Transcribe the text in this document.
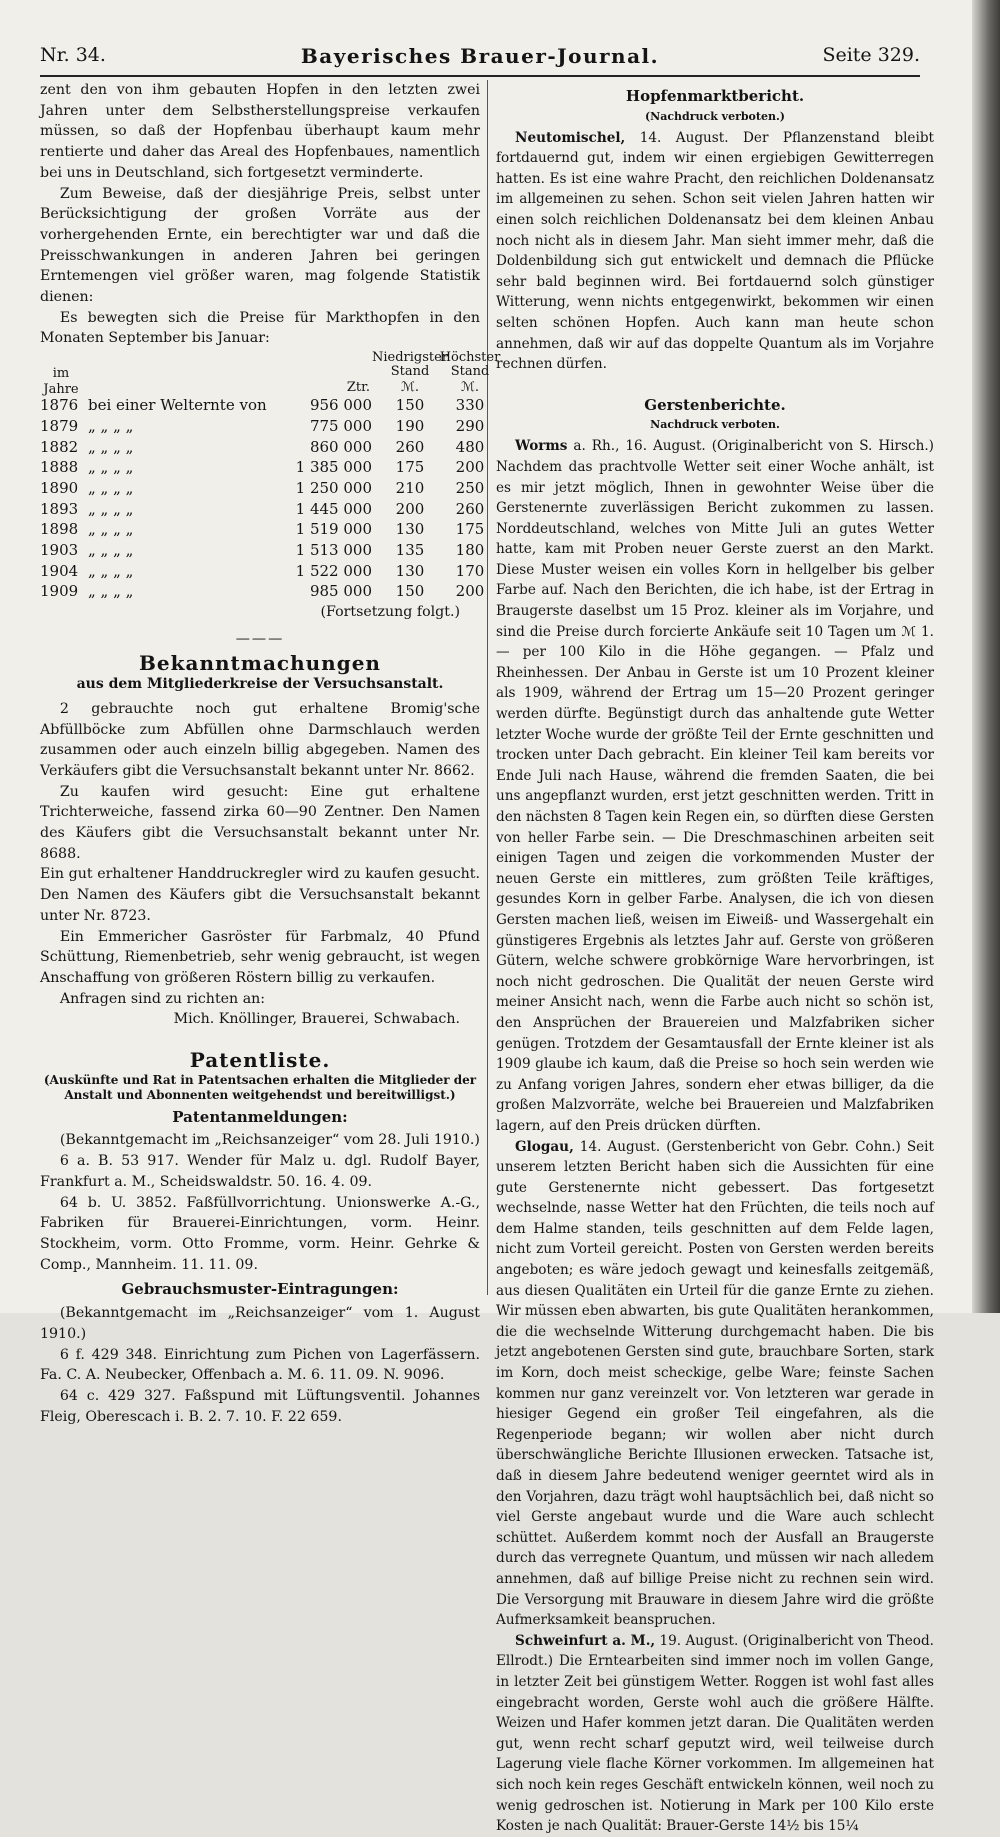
Bayerisches Brauer-Journal.
Nr. 34.	Seite 329.

zent den von ihm gebauten Hopfen in den letzten zwei Jahren unter dem Selbstherstellungspreise verkaufen müssen, so daß der Hopfenbau überhaupt kaum mehr rentierte und daher das Areal des Hopfenbaues, namentlich bei uns in Deutschland, sich fortgesetzt verminderte.

Zum Beweise, daß der diesjährige Preis, selbst unter Berücksichtigung der großen Vorräte aus der vorhergehenden Ernte, ein berechtigter war und daß die Preisschwankungen in anderen Jahren bei geringen Erntemengen viel größer waren, mag folgende Statistik dienen:

Es bewegten sich die Preise für Markthopfen in den Monaten September bis Januar:

im
Jahre	Ztr.
Niedrigster Stand
ℳ.
Höchster Stand
ℳ.
1876 bei einer Welternte von	956 000	150	330
1879 „ „ „ „	775 000	190	290
1882 „ „ „ „	860 000	260	480
1888 „ „ „ „	1 385 000	175	200
1890 „ „ „ „	1 250 000	210	250
1893 „ „ „ „	1 445 000	200	260
1898 „ „ „ „	1 519 000	130	175
1903 „ „ „ „	1 513 000	135	180
1904 „ „ „ „	1 522 000	130	170
1909 „ „ „ „	985 000	150	200

(Fortsetzung folgt.)

———

Bekanntmachungen

aus dem Mitgliederkreise der Versuchsanstalt.

2 gebrauchte noch gut erhaltene Bromig'sche Abfüllböcke zum Abfüllen ohne Darmschlauch werden zusammen oder auch einzeln billig abgegeben. Namen des Verkäufers gibt die Versuchsanstalt bekannt unter Nr. 8662.

Zu kaufen wird gesucht: Eine gut erhaltene Trichterweiche, fassend zirka 60—90 Zentner. Den Namen des Käufers gibt die Versuchsanstalt bekannt unter Nr. 8688.

Ein gut erhaltener Handdruckregler wird zu kaufen gesucht. Den Namen des Käufers gibt die Versuchsanstalt bekannt unter Nr. 8723.

Ein Emmericher Gasröster für Farbmalz, 40 Pfund Schüttung, Riemenbetrieb, sehr wenig gebraucht, ist wegen Anschaffung von größeren Röstern billig zu verkaufen.

Anfragen sind zu richten an:

Mich. Knöllinger, Brauerei, Schwabach.

Patentliste.

(Auskünfte und Rat in Patentsachen erhalten die Mitglieder der Anstalt und Abonnenten weitgehendst und bereitwilligst.)

Patentanmeldungen:

(Bekanntgemacht im „Reichsanzeiger“ vom 28. Juli 1910.)

6 a. B. 53 917. Wender für Malz u. dgl. Rudolf Bayer, Frankfurt a. M., Scheidswaldstr. 50. 16. 4. 09.

64 b. U. 3852. Faßfüllvorrichtung. Unionswerke A.-G., Fabriken für Brauerei-Einrichtungen, vorm. Heinr. Stockheim, vorm. Otto Fromme, vorm. Heinr. Gehrke & Comp., Mannheim. 11. 11. 09.

Gebrauchsmuster-Eintragungen:

(Bekanntgemacht im „Reichsanzeiger“ vom 1. August 1910.)

6 f. 429 348. Einrichtung zum Pichen von Lagerfässern. Fa. C. A. Neubecker, Offenbach a. M. 6. 11. 09. N. 9096.

64 c. 429 327. Faßspund mit Lüftungsventil. Johannes Fleig, Oberescach i. B. 2. 7. 10. F. 22 659.

Hopfenmarktbericht.

(Nachdruck verboten.)

Neutomischel, 14. August. Der Pflanzenstand bleibt fortdauernd gut, indem wir einen ergiebigen Gewitterregen hatten. Es ist eine wahre Pracht, den reichlichen Doldenansatz im allgemeinen zu sehen. Schon seit vielen Jahren hatten wir einen solch reichlichen Doldenansatz bei dem kleinen Anbau noch nicht als in diesem Jahr. Man sieht immer mehr, daß die Doldenbildung sich gut entwickelt und demnach die Pflücke sehr bald beginnen wird. Bei fortdauernd solch günstiger Witterung, wenn nichts entgegenwirkt, bekommen wir einen selten schönen Hopfen. Auch kann man heute schon annehmen, daß wir auf das doppelte Quantum als im Vorjahre rechnen dürfen.

Gerstenberichte.

Nachdruck verboten.

Worms a. Rh., 16. August. (Originalbericht von S. Hirsch.) Nachdem das prachtvolle Wetter seit einer Woche anhält, ist es mir jetzt möglich, Ihnen in gewohnter Weise über die Gerstenernte zuverlässigen Bericht zukommen zu lassen. Norddeutschland, welches von Mitte Juli an gutes Wetter hatte, kam mit Proben neuer Gerste zuerst an den Markt. Diese Muster weisen ein volles Korn in hellgelber bis gelber Farbe auf. Nach den Berichten, die ich habe, ist der Ertrag in Braugerste daselbst um 15 Proz. kleiner als im Vorjahre, und sind die Preise durch forcierte Ankäufe seit 10 Tagen um ℳ 1.— per 100 Kilo in die Höhe gegangen. — Pfalz und Rheinhessen. Der Anbau in Gerste ist um 10 Prozent kleiner als 1909, während der Ertrag um 15—20 Prozent geringer werden dürfte. Begünstigt durch das anhaltende gute Wetter letzter Woche wurde der größte Teil der Ernte geschnitten und trocken unter Dach gebracht. Ein kleiner Teil kam bereits vor Ende Juli nach Hause, während die fremden Saaten, die bei uns angepflanzt wurden, erst jetzt geschnitten werden. Tritt in den nächsten 8 Tagen kein Regen ein, so dürften diese Gersten von heller Farbe sein. — Die Dreschmaschinen arbeiten seit einigen Tagen und zeigen die vorkommenden Muster der neuen Gerste ein mittleres, zum größten Teile kräftiges, gesundes Korn in gelber Farbe. Analysen, die ich von diesen Gersten machen ließ, weisen im Eiweiß- und Wassergehalt ein günstigeres Ergebnis als letztes Jahr auf. Gerste von größeren Gütern, welche schwere grobkörnige Ware hervorbringen, ist noch nicht gedroschen. Die Qualität der neuen Gerste wird meiner Ansicht nach, wenn die Farbe auch nicht so schön ist, den Ansprüchen der Brauereien und Malzfabriken sicher genügen. Trotzdem der Gesamtausfall der Ernte kleiner ist als 1909 glaube ich kaum, daß die Preise so hoch sein werden wie zu Anfang vorigen Jahres, sondern eher etwas billiger, da die großen Malzvorräte, welche bei Brauereien und Malzfabriken lagern, auf den Preis drücken dürften.

Glogau, 14. August. (Gerstenbericht von Gebr. Cohn.) Seit unserem letzten Bericht haben sich die Aussichten für eine gute Gerstenernte nicht gebessert. Das fortgesetzt wechselnde, nasse Wetter hat den Früchten, die teils noch auf dem Halme standen, teils geschnitten auf dem Felde lagen, nicht zum Vorteil gereicht. Posten von Gersten werden bereits angeboten; es wäre jedoch gewagt und keinesfalls zeitgemäß, aus diesen Qualitäten ein Urteil für die ganze Ernte zu ziehen. Wir müssen eben abwarten, bis gute Qualitäten herankommen, die die wechselnde Witterung durchgemacht haben. Die bis jetzt angebotenen Gersten sind gute, brauchbare Sorten, stark im Korn, doch meist scheckige, gelbe Ware; feinste Sachen kommen nur ganz vereinzelt vor. Von letzteren war gerade in hiesiger Gegend ein großer Teil eingefahren, als die Regenperiode begann; wir wollen aber nicht durch überschwängliche Berichte Illusionen erwecken. Tatsache ist, daß in diesem Jahre bedeutend weniger geerntet wird als in den Vorjahren, dazu trägt wohl hauptsächlich bei, daß nicht so viel Gerste angebaut wurde und die Ware auch schlecht schüttet. Außerdem kommt noch der Ausfall an Braugerste durch das verregnete Quantum, und müssen wir nach alledem annehmen, daß auf billige Preise nicht zu rechnen sein wird. Die Versorgung mit Brauware in diesem Jahre wird die größte Aufmerksamkeit beanspruchen.

Schweinfurt a. M., 19. August. (Originalbericht von Theod. Ellrodt.) Die Erntearbeiten sind immer noch im vollen Gange, in letzter Zeit bei günstigem Wetter. Roggen ist wohl fast alles eingebracht worden, Gerste wohl auch die größere Hälfte. Weizen und Hafer kommen jetzt daran. Die Qualitäten werden gut, wenn recht scharf geputzt wird, weil teilweise durch Lagerung viele flache Körner vorkommen. Im allgemeinen hat sich noch kein reges Geschäft entwickeln können, weil noch zu wenig gedroschen ist. Notierung in Mark per 100 Kilo erste Kosten je nach Qualität: Brauer-Gerste 14½ bis 15¼
